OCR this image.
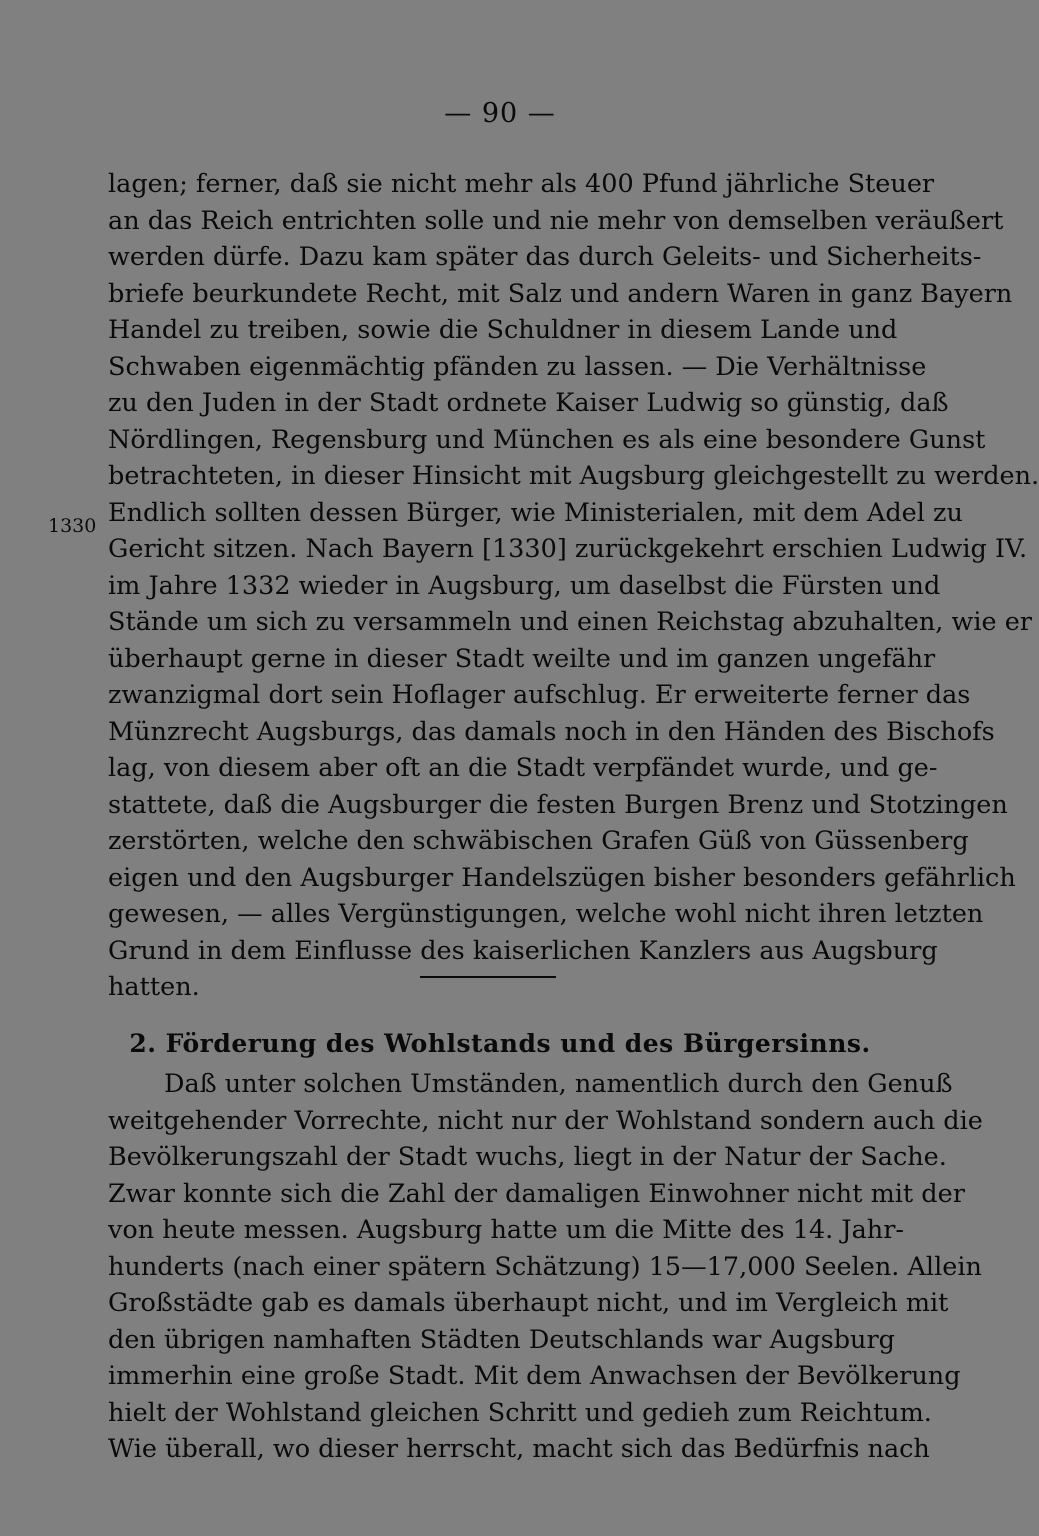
— 90 —
1330
lagen; ferner, daß sie nicht mehr als 400 Pfund jährliche Steuer
an das Reich entrichten solle und nie mehr von demselben veräußert
werden dürfe. Dazu kam später das durch Geleits- und Sicherheits-
briefe beurkundete Recht, mit Salz und andern Waren in ganz Bayern
Handel zu treiben, sowie die Schuldner in diesem Lande und
Schwaben eigenmächtig pfänden zu lassen. — Die Verhältnisse
zu den Juden in der Stadt ordnete Kaiser Ludwig so günstig, daß
Nördlingen, Regensburg und München es als eine besondere Gunst
betrachteten, in dieser Hinsicht mit Augsburg gleichgestellt zu werden.
Endlich sollten dessen Bürger, wie Ministerialen, mit dem Adel zu
Gericht sitzen. Nach Bayern [1330] zurückgekehrt erschien Ludwig IV.
im Jahre 1332 wieder in Augsburg, um daselbst die Fürsten und
Stände um sich zu versammeln und einen Reichstag abzuhalten, wie er
überhaupt gerne in dieser Stadt weilte und im ganzen ungefähr
zwanzigmal dort sein Hoflager aufschlug. Er erweiterte ferner das
Münzrecht Augsburgs, das damals noch in den Händen des Bischofs
lag, von diesem aber oft an die Stadt verpfändet wurde, und ge-
stattete, daß die Augsburger die festen Burgen Brenz und Stotzingen
zerstörten, welche den schwäbischen Grafen Güß von Güssenberg
eigen und den Augsburger Handelszügen bisher besonders gefährlich
gewesen, — alles Vergünstigungen, welche wohl nicht ihren letzten
Grund in dem Einflusse des kaiserlichen Kanzlers aus Augsburg
hatten.
2. Förderung des Wohlstands und des Bürgersinns.
Daß unter solchen Umständen, namentlich durch den Genuß
weitgehender Vorrechte, nicht nur der Wohlstand sondern auch die
Bevölkerungszahl der Stadt wuchs, liegt in der Natur der Sache.
Zwar konnte sich die Zahl der damaligen Einwohner nicht mit der
von heute messen. Augsburg hatte um die Mitte des 14. Jahr-
hunderts (nach einer spätern Schätzung) 15—17,000 Seelen. Allein
Großstädte gab es damals überhaupt nicht, und im Vergleich mit
den übrigen namhaften Städten Deutschlands war Augsburg
immerhin eine große Stadt. Mit dem Anwachsen der Bevölkerung
hielt der Wohlstand gleichen Schritt und gedieh zum Reichtum.
Wie überall, wo dieser herrscht, macht sich das Bedürfnis nach
